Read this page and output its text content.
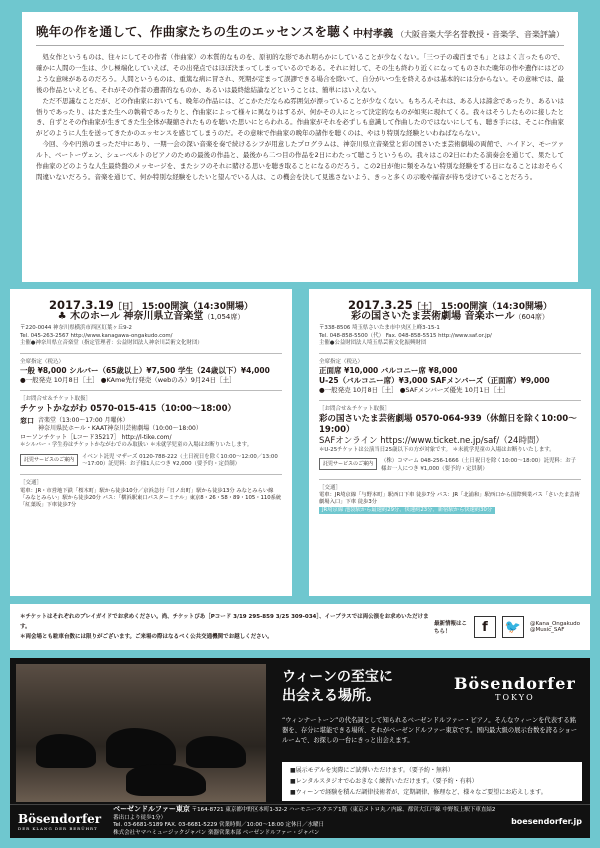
晩年の作を通して、作曲家たちの生のエッセンスを聴く 中村孝義 （大阪音楽大学名誉教授・音楽学、音楽評論）

処女作というものは、往々にしてその作者（作曲家）の本質的なものを、原初的な形であれ明らかにしていることが少なくない。「三つ子の魂百までも」とはよく言ったもので、確かに人間の一生は、少し極端化していえば、その出発点ではほぼ決まってしまっているのである。それに対して、その生も終わり近くになってものされた晩年の作や遺作にはどのような意味があるのだろう。人間というものは、重篤な病に冒され、死期が定まって誤謬できる場合を除いて、自分がいつ生を終えるかは基本的には分からない。その意味では、最後の作品といえども、それがその作者の遺書的なものか、あるいは最終総結論などということは、簡単にはいえない。

ただ不思議なことだが、どの作曲家においても、晩年の作品には、どこかただならぬ雰囲気が漂っていることが少なくない。もちろんそれは、ある人は諦念であったり、あるいは悟りであったり、はたまた生への執着であったりと、作曲家によって様々に異なりはするが、何かその人にとって決定的なものが如実に現れてくる。我々はそうしたものに接したとき、自ずとその作曲家が生きてきた生全体が凝縮されたものを聴いた思いにとらわれる。作曲家がそれを必ずしも意識して作曲したのではないにしても、聴き手には、そこに作曲家がどのように人生を送ってきたかのエッセンスを感じてしまうのだ。その意味で作曲家の晩年の諸作を聴くのは、やはり特別な経験といわねばならない。

今回、今や円熟のまっただ中にあり、一期一会の深い音楽を奏で続けるシフが用意したプログラムは、神奈川県立音楽堂と彩の国さいたま芸術劇場の両館で、ハイドン、モーツァルト、ベートーヴェン、シューベルトのピアノのための最後の作品と、最後から二つ目の作品を2日にわたって聴こうというもの。我々はこの2日にわたる演奏会を通じて、果たして作曲家のどのような人生最終盤のメッセージを、またシフのそれに賭ける思いを聴き取ることになるのだろう。この2日が他に類をみない特別な経験をする日になることはおそらく間違いないだろう。音楽を通じて、何か特別な経験をしたいと望んでいる人は、この機会を決して見逃さないよう、きっと多くの示唆や福音が待ち受けていることだろう。

2017.3.19［日］ 15:00開演（14:30開場）
♣ 木のホール 神奈川県立音楽堂（1,054席）
〒220-0044 神奈川県横浜市西区紅葉ヶ丘9-2
Tel. 045-263-2567 http://www.kanagawa-ongakudo.com/
主催●神奈川県立音楽堂（指定管理者：公益財団法人神奈川芸術文化財団）
全席指定（税込）
一般 ¥8,000 シルバー（65歳以上）¥7,500 学生（24歳以下）¥4,000
●一般発売 10月8日［土］ ●KAme先行発売（webのみ）9月24日［土］
［お問合せ＆チケット取扱］
チケットかながわ 0570-015-415（10:00～18:00）
窓口 音楽堂（13:00～17:00 月曜休）
神奈川県民ホール・KAAT神奈川芸術劇場（10:00～18:00）
ローソンチケット［Lコード35217］ http://l-tike.com/
＊シルバー・学生券はチケットかながわでのみ取扱い ＊未就学児童の入場はお断りいたします。
託児サービスのご案内	イベント託児 マザーズ 0120-788-222（土日祝日を除く10:00～12:00／13:00～17:00）託児料：お子様1人につき ¥2,000（要予約・定員制）
［交通］
電車：JR・市営地下鉄「桜木町」駅から徒歩10分／京浜急行「日ノ出町」駅から徒歩13分 みなとみらい線「みなとみらい」駅から徒歩20分 バス：「横浜駅東口バスターミナル」東京8・26・58・89・105・110系統「紅葉坂」下車徒歩7分
2017.3.25［土］ 15:00開演（14:30開場）
彩の国さいたま芸術劇場 音楽ホール（604席）
〒338-8506 埼玉県さいたま市中央区上峰3-15-1
Tel. 048-858-5500（代） Fax. 048-858-5515 http://www.saf.or.jp/
主催●公益財団法人埼玉県芸術文化振興財団
全席指定（税込）
正面席 ¥10,000 バルコニー席 ¥8,000
U-25（バルコニー席）¥3,000 SAFメンバーズ（正面席）¥9,000
●一般発売 10月8日［土］ ●SAFメンバーズ優先 10月1日［土］
［お問合せ＆チケット取扱］
彩の国さいたま芸術劇場 0570-064-939（休館日を除く10:00～19:00）
SAFオンライン https://www.ticket.ne.jp/saf/（24時間）
＊U-25チケットは公演当日25歳以下の方が対象です。 ＊未就学児童の入場はお断りいたします。
託児サービスのご案内	（株）コマーム 048-256-1666（土日祝日を除く10:00～18:00）託児料：お子様お一人につき ¥1,000（要予約・定員制）
［交通］
電車：JR埼京線「与野本町」駅西口下車 徒歩7分 バス：JR「北浦和」駅西口から国際興業バス「さいたま芸術劇場入口」下車 徒歩3分
JR埼京線 池袋駅から最速約29分、快速約23分、新宿駅から快速約30分
＊チケットはそれぞれのプレイガイドでお求めください。尚、チケットぴあ［Pコード 3/19 295-859 3/25 309-034］、イープラスでは両公演をお求めいただけます。
＊両会場とも駐車台数には限りがございます。ご来場の際はなるべく公共交通機関でお越しください。
最新情報はこちら！	f	🐦	@Kana_Ongakudo
@Music_SAF
ウィーンの至宝に
出会える場所。
Bösendorfer
TOKYO
“ウィンナートーン”の代名詞として知られるベーゼンドルファー・ピアノ。そんなウィーンを代表する銘器を、存分に堪能できる場所、それがベーゼンドルファー東京です。国内最大級の展示台数を誇るショールームで、お探しの一台にきっと出会えます。
■展示モデルを実際にご試弾いただけます。（要予約・無料）
■レンタルスタジオで心おきなく練習いただけます。（要予約・有料）
■ウィーンで経験を積んだ調律技術者が、定期調律、修理など、様々なご要望にお応えします。
Bösendorfer
DER KLANG DER BERÜHRT
ベーゼンドルファー東京 〒164-8721 東京都中野区本町1-32-2 ハーモニースクエア1階（東京メトロ丸ノ内線、都営大江戸線 中野坂上駅下車直結2番出口より徒歩1分）
Tel. 03-6681-5189 FAX. 03-6681-5229 営業時間／10:00～18:00 定休日／水曜日
株式会社ヤマハミュージックジャパン 楽器営業本部 ベーゼンドルファー・ジャパン
boesendorfer.jp
